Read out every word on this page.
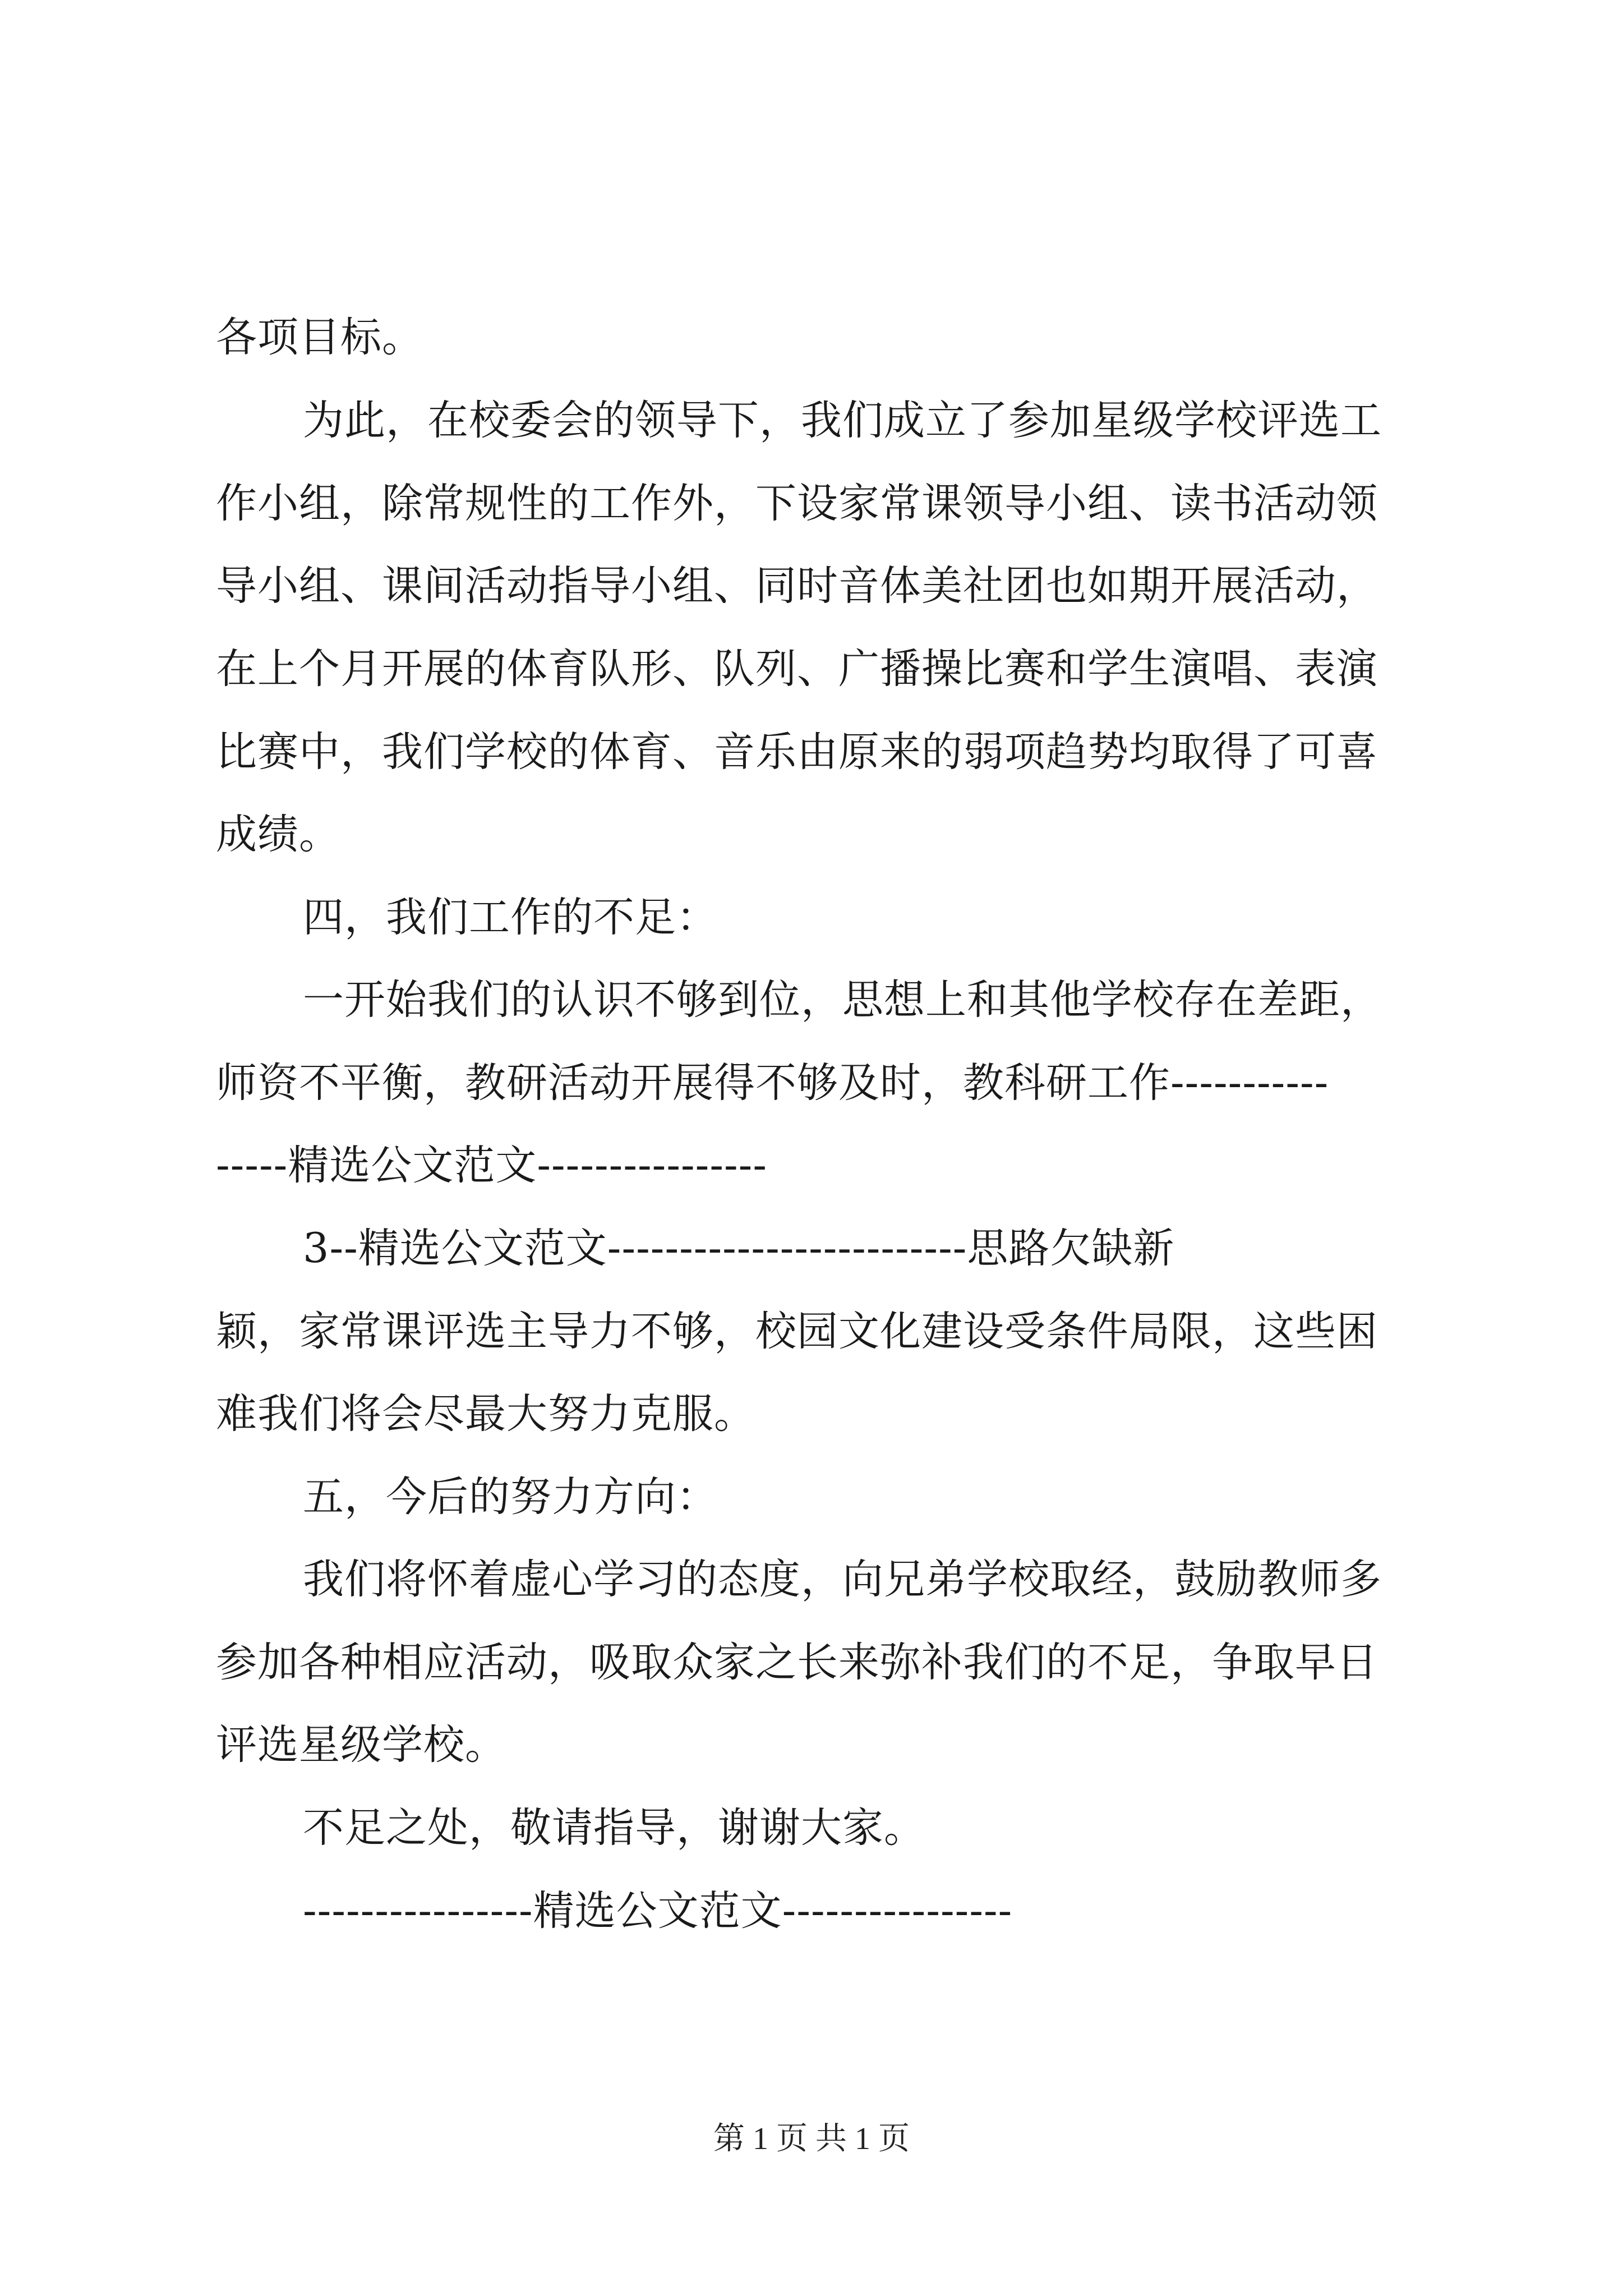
各项目标。
为此，在校委会的领导下，我们成立了参加星级学校评选工
作小组，除常规性的工作外，下设家常课领导小组、读书活动领
导小组、课间活动指导小组、同时音体美社团也如期开展活动，
在上个月开展的体育队形、队列、广播操比赛和学生演唱、表演
比赛中，我们学校的体育、音乐由原来的弱项趋势均取得了可喜
成绩。
四，我们工作的不足：
一开始我们的认识不够到位，思想上和其他学校存在差距，
师资不平衡，教研活动开展得不够及时，教科研工作-----------
-----精选公文范文----------------
3--精选公文范文-------------------------思路欠缺新
颖，家常课评选主导力不够，校园文化建设受条件局限，这些困
难我们将会尽最大努力克服。
五，今后的努力方向：
我们将怀着虚心学习的态度，向兄弟学校取经，鼓励教师多
参加各种相应活动，吸取众家之长来弥补我们的不足，争取早日
评选星级学校。
不足之处，敬请指导，谢谢大家。
----------------精选公文范文----------------
第 1 页 共 1 页
